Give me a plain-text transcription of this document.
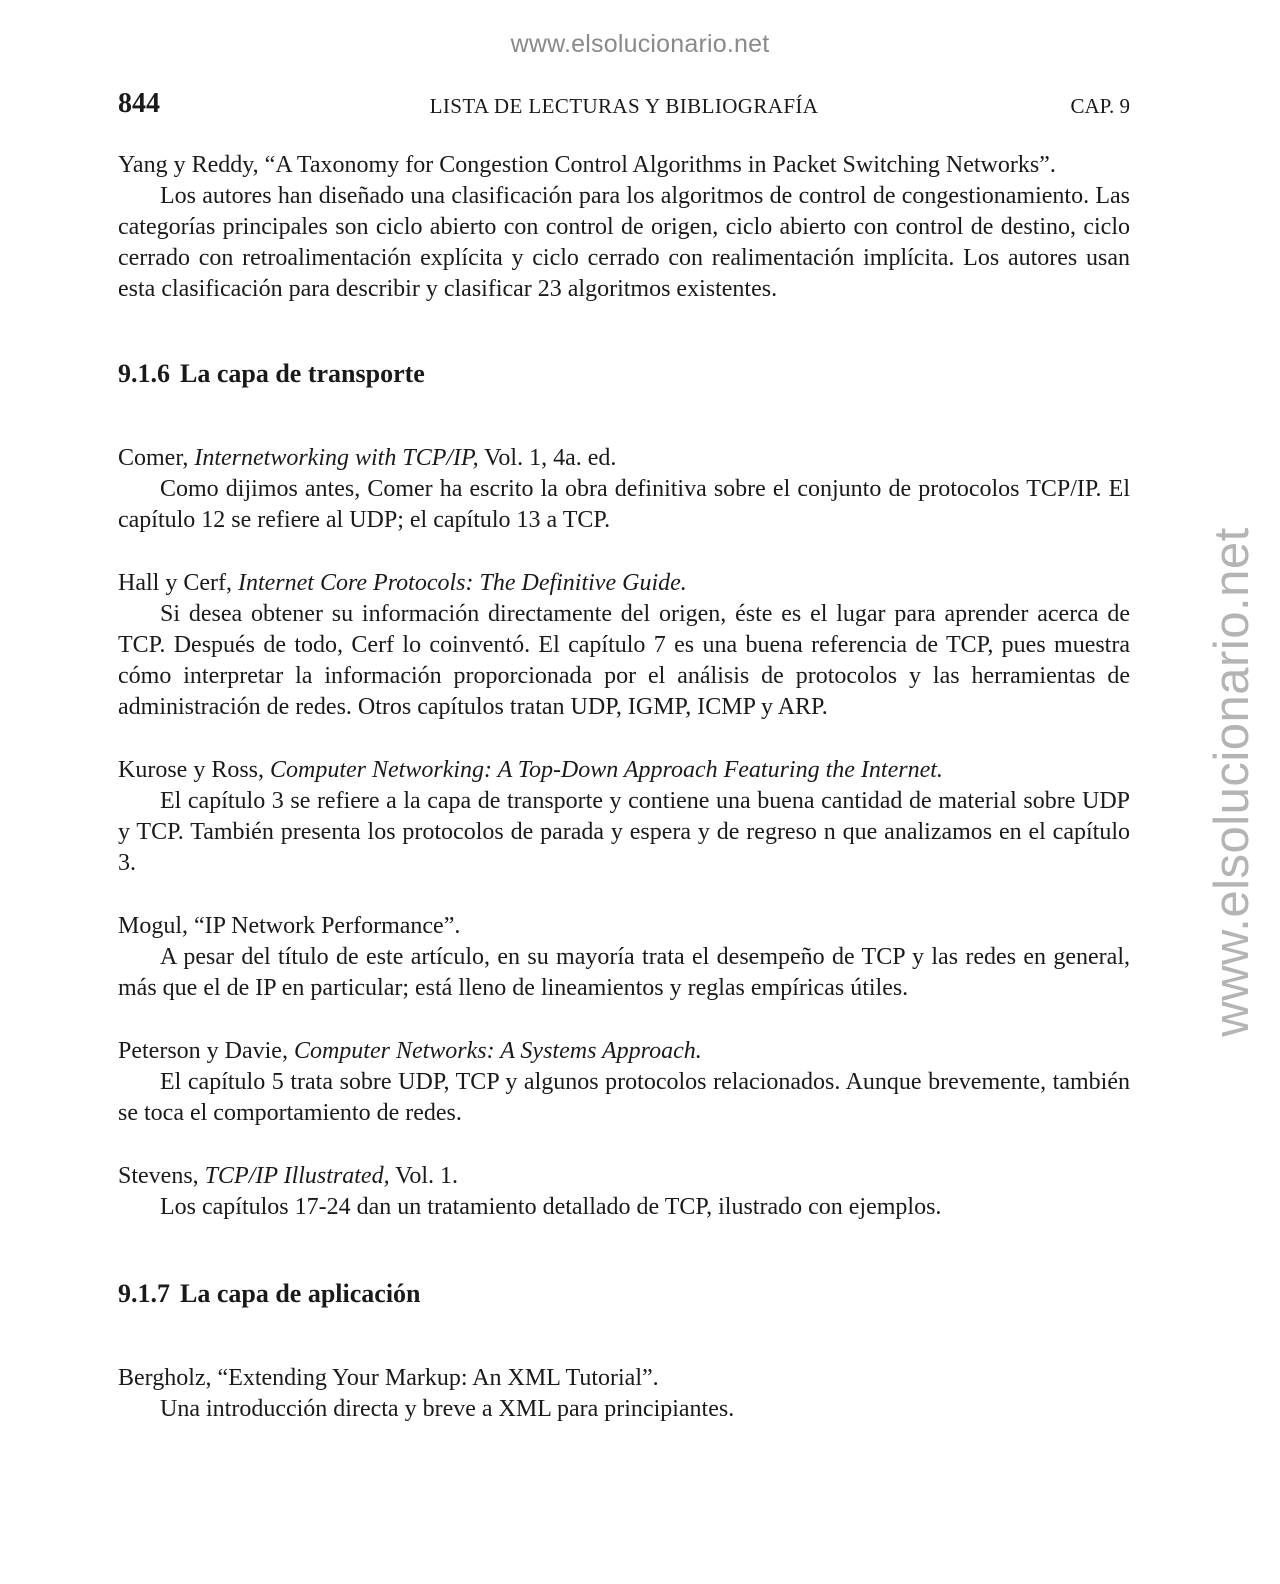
www.elsolucionario.net
www.elsolucionario.net
844	LISTA DE LECTURAS Y BIBLIOGRAFÍA	CAP. 9

Yang y Reddy, “A Taxonomy for Congestion Control Algorithms in Packet Switching Networks”.

Los autores han diseñado una clasificación para los algoritmos de control de congestionamiento. Las categorías principales son ciclo abierto con control de origen, ciclo abierto con control de destino, ciclo cerrado con retroalimentación explícita y ciclo cerrado con realimentación implícita. Los autores usan esta clasificación para describir y clasificar 23 algoritmos existentes.

9.1.6 La capa de transporte

Comer, Internetworking with TCP/IP, Vol. 1, 4a. ed.

Como dijimos antes, Comer ha escrito la obra definitiva sobre el conjunto de protocolos TCP/IP. El capítulo 12 se refiere al UDP; el capítulo 13 a TCP.

Hall y Cerf, Internet Core Protocols: The Definitive Guide.

Si desea obtener su información directamente del origen, éste es el lugar para aprender acerca de TCP. Después de todo, Cerf lo coinventó. El capítulo 7 es una buena referencia de TCP, pues muestra cómo interpretar la información proporcionada por el análisis de protocolos y las herramientas de administración de redes. Otros capítulos tratan UDP, IGMP, ICMP y ARP.

Kurose y Ross, Computer Networking: A Top-Down Approach Featuring the Internet.

El capítulo 3 se refiere a la capa de transporte y contiene una buena cantidad de material sobre UDP y TCP. También presenta los protocolos de parada y espera y de regreso n que analizamos en el capítulo 3.

Mogul, “IP Network Performance”.

A pesar del título de este artículo, en su mayoría trata el desempeño de TCP y las redes en general, más que el de IP en particular; está lleno de lineamientos y reglas empíricas útiles.

Peterson y Davie, Computer Networks: A Systems Approach.

El capítulo 5 trata sobre UDP, TCP y algunos protocolos relacionados. Aunque brevemente, también se toca el comportamiento de redes.

Stevens, TCP/IP Illustrated, Vol. 1.

Los capítulos 17-24 dan un tratamiento detallado de TCP, ilustrado con ejemplos.

9.1.7 La capa de aplicación

Bergholz, “Extending Your Markup: An XML Tutorial”.

Una introducción directa y breve a XML para principiantes.
